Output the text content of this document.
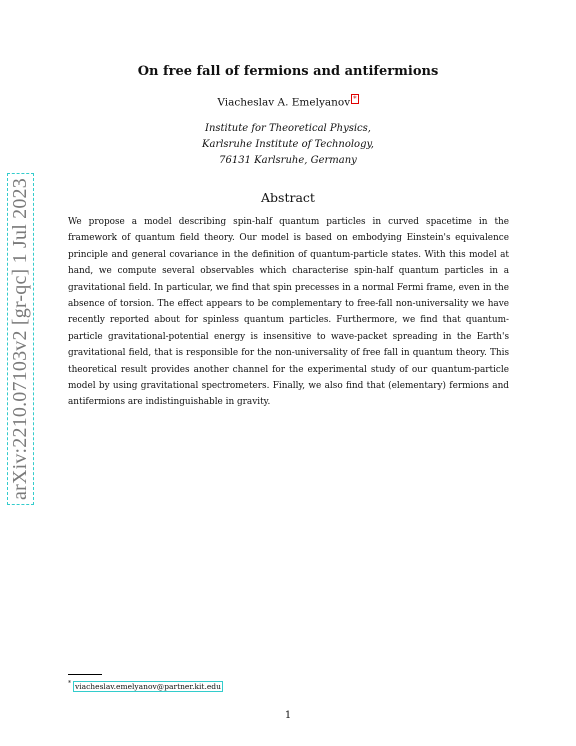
arXiv:2210.07103v2 [gr-qc] 1 Jul 2023
On free fall of fermions and antifermions
Viacheslav A. Emelyanov *
Institute for Theoretical Physics,
Karlsruhe Institute of Technology,
76131 Karlsruhe, Germany
Abstract
We propose a model describing spin-half quantum particles in curved spacetime in the framework of quantum field theory. Our model is based on embodying Einstein's equivalence principle and general covariance in the definition of quantum-particle states. With this model at hand, we compute several observables which characterise spin-half quantum particles in a gravitational field. In particular, we find that spin precesses in a normal Fermi frame, even in the absence of torsion. The effect appears to be complementary to free-fall non-universality we have recently reported about for spinless quantum particles. Furthermore, we find that quantum-particle gravitational-potential energy is insensitive to wave-packet spreading in the Earth's gravitational field, that is responsible for the non-universality of free fall in quantum theory. This theoretical result provides another channel for the experimental study of our quantum-particle model by using gravitational spectrometers. Finally, we also find that (elementary) fermions and antifermions are indistinguishable in gravity.
* viacheslav.emelyanov@partner.kit.edu
1
